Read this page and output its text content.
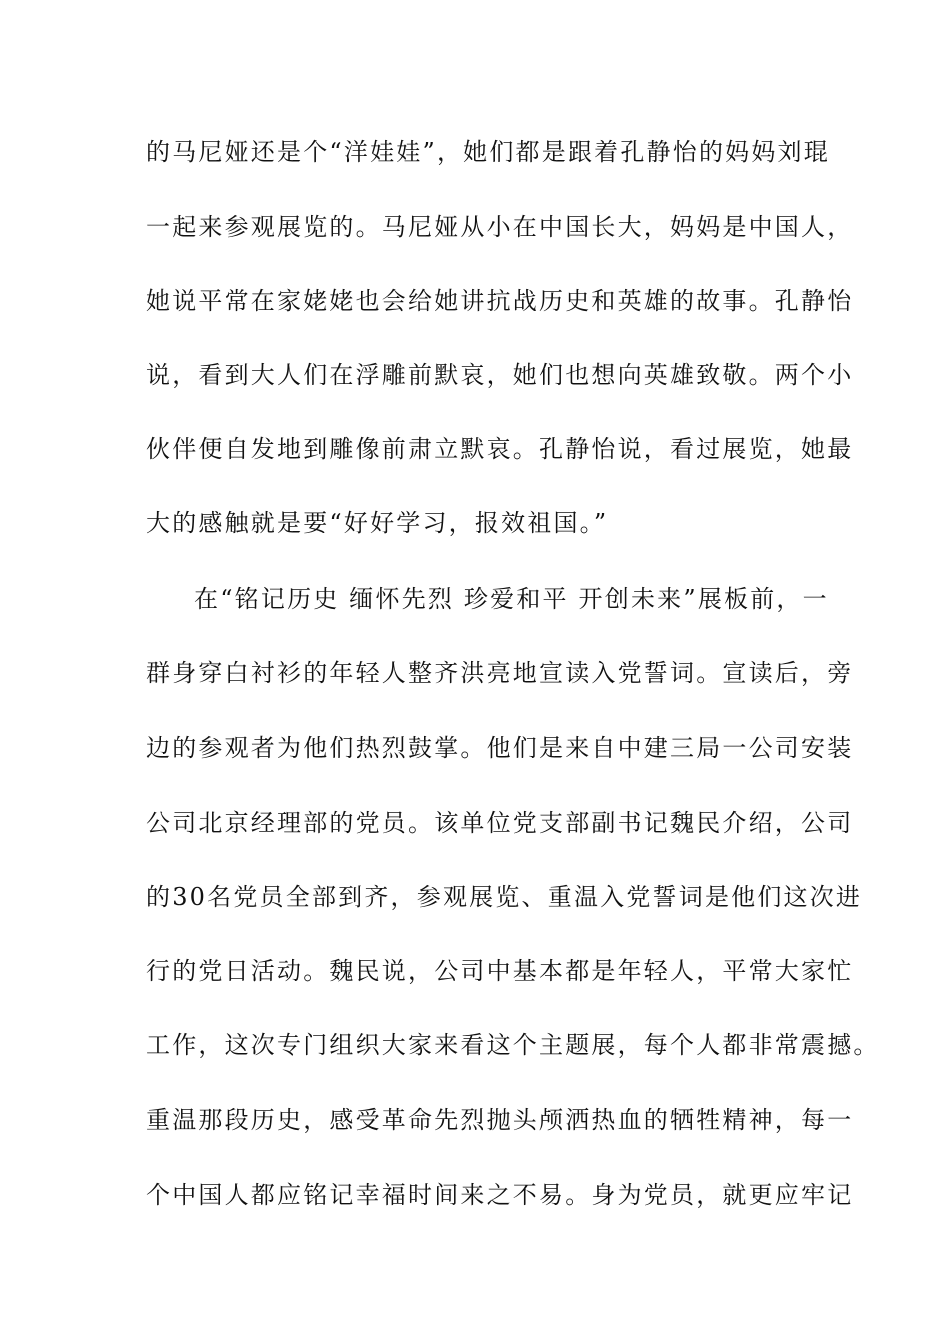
的马尼娅还是个“洋娃娃”，她们都是跟着孔静怡的妈妈刘琨
一起来参观展览的。马尼娅从小在中国长大，妈妈是中国人，
她说平常在家姥姥也会给她讲抗战历史和英雄的故事。孔静怡
说，看到大人们在浮雕前默哀，她们也想向英雄致敬。两个小
伙伴便自发地到雕像前肃立默哀。孔静怡说，看过展览，她最
大的感触就是要“好好学习，报效祖国。”
在“铭记历史 缅怀先烈 珍爱和平 开创未来”展板前，一
群身穿白衬衫的年轻人整齐洪亮地宣读入党誓词。宣读后，旁
边的参观者为他们热烈鼓掌。他们是来自中建三局一公司安装
公司北京经理部的党员。该单位党支部副书记魏民介绍，公司
的30名党员全部到齐，参观展览、重温入党誓词是他们这次进
行的党日活动。魏民说，公司中基本都是年轻人，平常大家忙
工作，这次专门组织大家来看这个主题展，每个人都非常震撼。
重温那段历史，感受革命先烈抛头颅洒热血的牺牲精神，每一
个中国人都应铭记幸福时间来之不易。身为党员，就更应牢记
